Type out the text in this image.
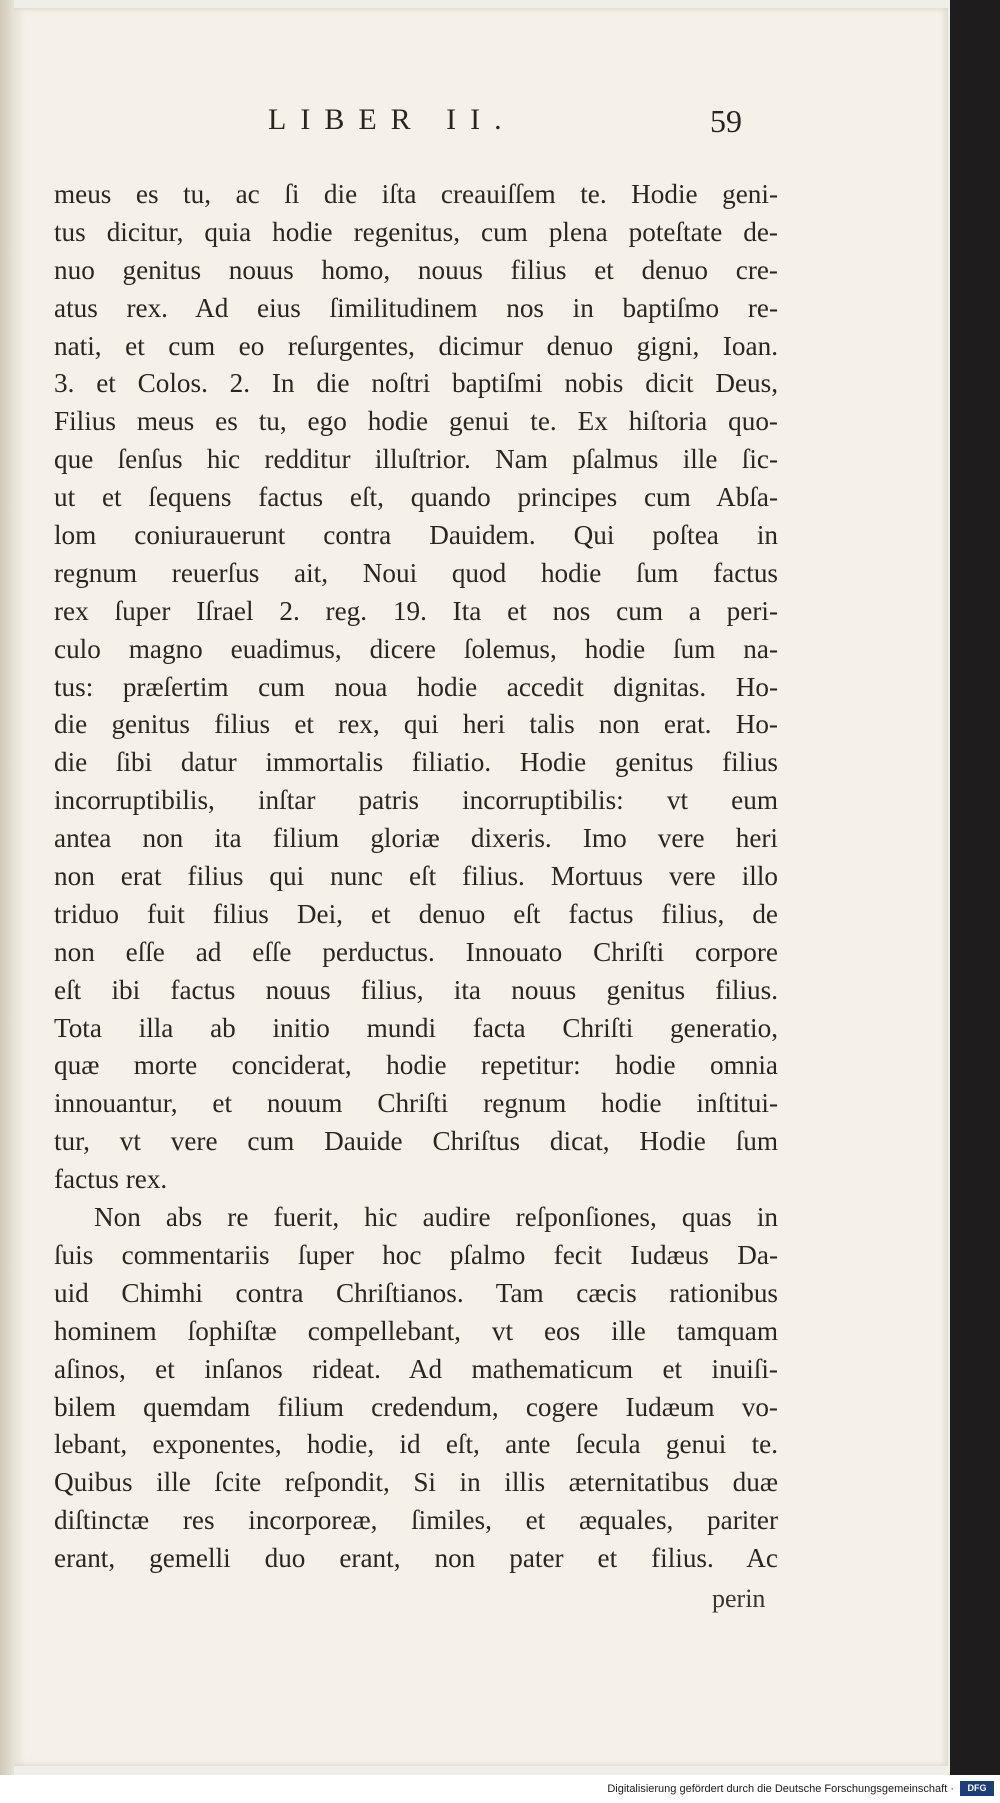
LIBER II.	59
meus es tu, ac ſi die iſta creauiſſem te. Hodie geni-
tus dicitur, quia hodie regenitus, cum plena poteſtate de-
nuo genitus nouus homo, nouus filius et denuo cre-
atus rex. Ad eius ſimilitudinem nos in baptiſmo re-
nati, et cum eo reſurgentes, dicimur denuo gigni, Ioan.
3. et Colos. 2. In die noſtri baptiſmi nobis dicit Deus,
Filius meus es tu, ego hodie genui te. Ex hiſtoria quo-
que ſenſus hic redditur illuſtrior. Nam pſalmus ille ſic-
ut et ſequens factus eſt, quando principes cum Abſa-
lom coniurauerunt contra Dauidem. Qui poſtea in
regnum reuerſus ait, Noui quod hodie ſum factus
rex ſuper Iſrael 2. reg. 19. Ita et nos cum a peri-
culo magno euadimus, dicere ſolemus, hodie ſum na-
tus: præſertim cum noua hodie accedit dignitas. Ho-
die genitus filius et rex, qui heri talis non erat. Ho-
die ſibi datur immortalis filiatio. Hodie genitus filius
incorruptibilis, inſtar patris incorruptibilis: vt eum
antea non ita filium gloriæ dixeris. Imo vere heri
non erat filius qui nunc eſt filius. Mortuus vere illo
triduo fuit filius Dei, et denuo eſt factus filius, de
non eſſe ad eſſe perductus. Innouato Chriſti corpore
eſt ibi factus nouus filius, ita nouus genitus filius.
Tota illa ab initio mundi facta Chriſti generatio,
quæ morte conciderat, hodie repetitur: hodie omnia
innouantur, et nouum Chriſti regnum hodie inſtitui-
tur, vt vere cum Dauide Chriſtus dicat, Hodie ſum
factus rex.
Non abs re fuerit, hic audire reſponſiones, quas in
ſuis commentariis ſuper hoc pſalmo fecit Iudæus Da-
uid Chimhi contra Chriſtianos. Tam cæcis rationibus
hominem ſophiſtæ compellebant, vt eos ille tamquam
aſinos, et inſanos rideat. Ad mathematicum et inuiſi-
bilem quemdam filium credendum, cogere Iudæum vo-
lebant, exponentes, hodie, id eſt, ante ſecula genui te.
Quibus ille ſcite reſpondit, Si in illis æternitatibus duæ
diſtinctæ res incorporeæ, ſimiles, et æquales, pariter
erant, gemelli duo erant, non pater et filius. Ac
perin
Digitalisierung gefördert durch die Deutsche Forschungsgemeinschaft ·	DFG
